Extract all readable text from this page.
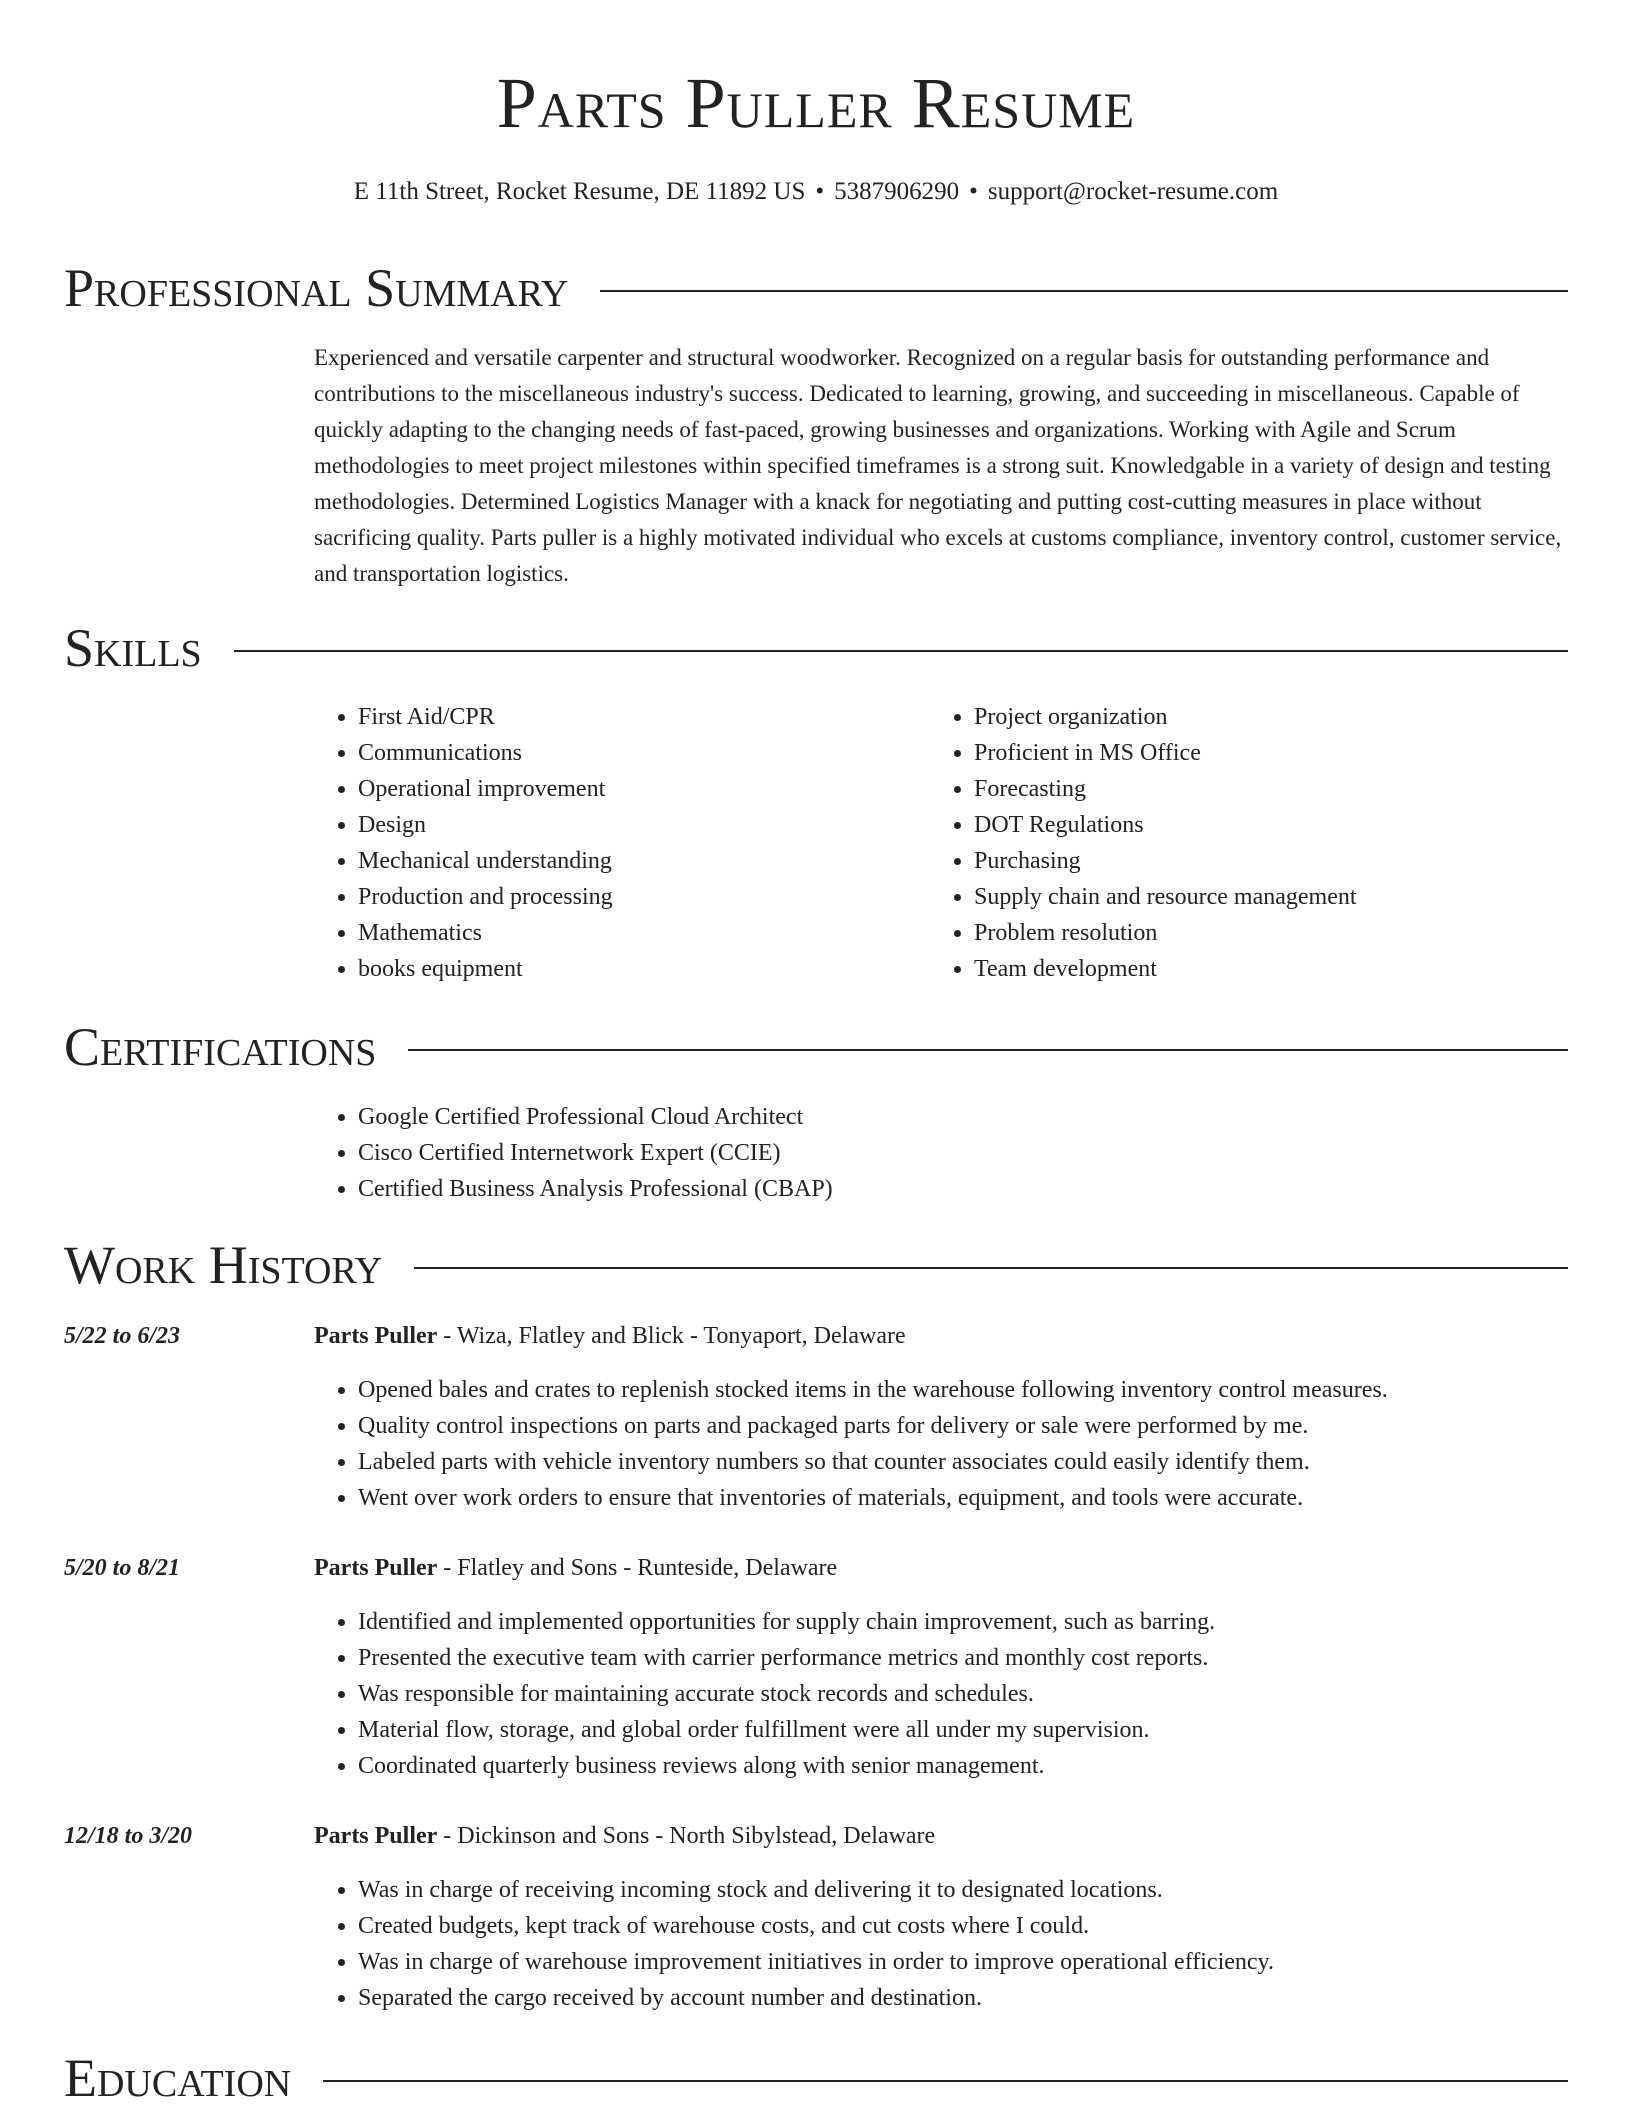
Parts Puller Resume
E 11th Street, Rocket Resume, DE 11892 US • 5387906290 • support@rocket-resume.com
Professional Summary

Experienced and versatile carpenter and structural woodworker. Recognized on a regular basis for outstanding performance and contributions to the miscellaneous industry's success. Dedicated to learning, growing, and succeeding in miscellaneous. Capable of quickly adapting to the changing needs of fast-paced, growing businesses and organizations. Working with Agile and Scrum methodologies to meet project milestones within specified timeframes is a strong suit. Knowledgable in a variety of design and testing methodologies. Determined Logistics Manager with a knack for negotiating and putting cost-cutting measures in place without sacrificing quality. Parts puller is a highly motivated individual who excels at customs compliance, inventory control, customer service, and transportation logistics.

Skills
• First Aid/CPR
• Communications
• Operational improvement
• Design
• Mechanical understanding
• Production and processing
• Mathematics
• books equipment
• Project organization
• Proficient in MS Office
• Forecasting
• DOT Regulations
• Purchasing
• Supply chain and resource management
• Problem resolution
• Team development
Certifications
• Google Certified Professional Cloud Architect
• Cisco Certified Internetwork Expert (CCIE)
• Certified Business Analysis Professional (CBAP)
Work History
5/22 to 6/23	Parts Puller - Wiza, Flatley and Blick - Tonyaport, Delaware
• Opened bales and crates to replenish stocked items in the warehouse following inventory control measures.
• Quality control inspections on parts and packaged parts for delivery or sale were performed by me.
• Labeled parts with vehicle inventory numbers so that counter associates could easily identify them.
• Went over work orders to ensure that inventories of materials, equipment, and tools were accurate.
5/20 to 8/21	Parts Puller - Flatley and Sons - Runteside, Delaware
• Identified and implemented opportunities for supply chain improvement, such as barring.
• Presented the executive team with carrier performance metrics and monthly cost reports.
• Was responsible for maintaining accurate stock records and schedules.
• Material flow, storage, and global order fulfillment were all under my supervision.
• Coordinated quarterly business reviews along with senior management.
12/18 to 3/20	Parts Puller - Dickinson and Sons - North Sibylstead, Delaware
• Was in charge of receiving incoming stock and delivering it to designated locations.
• Created budgets, kept track of warehouse costs, and cut costs where I could.
• Was in charge of warehouse improvement initiatives in order to improve operational efficiency.
• Separated the cargo received by account number and destination.
Education
